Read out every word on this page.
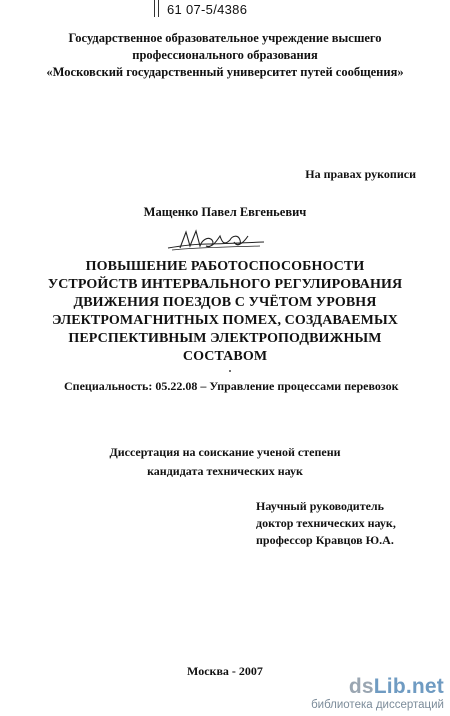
61 07-5/4386
Государственное образовательное учреждение высшего
профессионального образования
«Московский государственный университет путей сообщения»
На правах рукописи
Мащенко Павел Евгеньевич
ПОВЫШЕНИЕ РАБОТОСПОСОБНОСТИ
УСТРОЙСТВ ИНТЕРВАЛЬНОГО РЕГУЛИРОВАНИЯ
ДВИЖЕНИЯ ПОЕЗДОВ С УЧЁТОМ УРОВНЯ
ЭЛЕКТРОМАГНИТНЫХ ПОМЕХ, СОЗДАВАЕМЫХ
ПЕРСПЕКТИВНЫМ ЭЛЕКТРОПОДВИЖНЫМ
СОСТАВОМ
Специальность: 05.22.08 – Управление процессами перевозок
Диссертация на соискание ученой степени
кандидата технических наук
Научный руководитель
доктор технических наук,
профессор Кравцов Ю.А.
Москва - 2007
dsLib.net
библиотека диссертаций
